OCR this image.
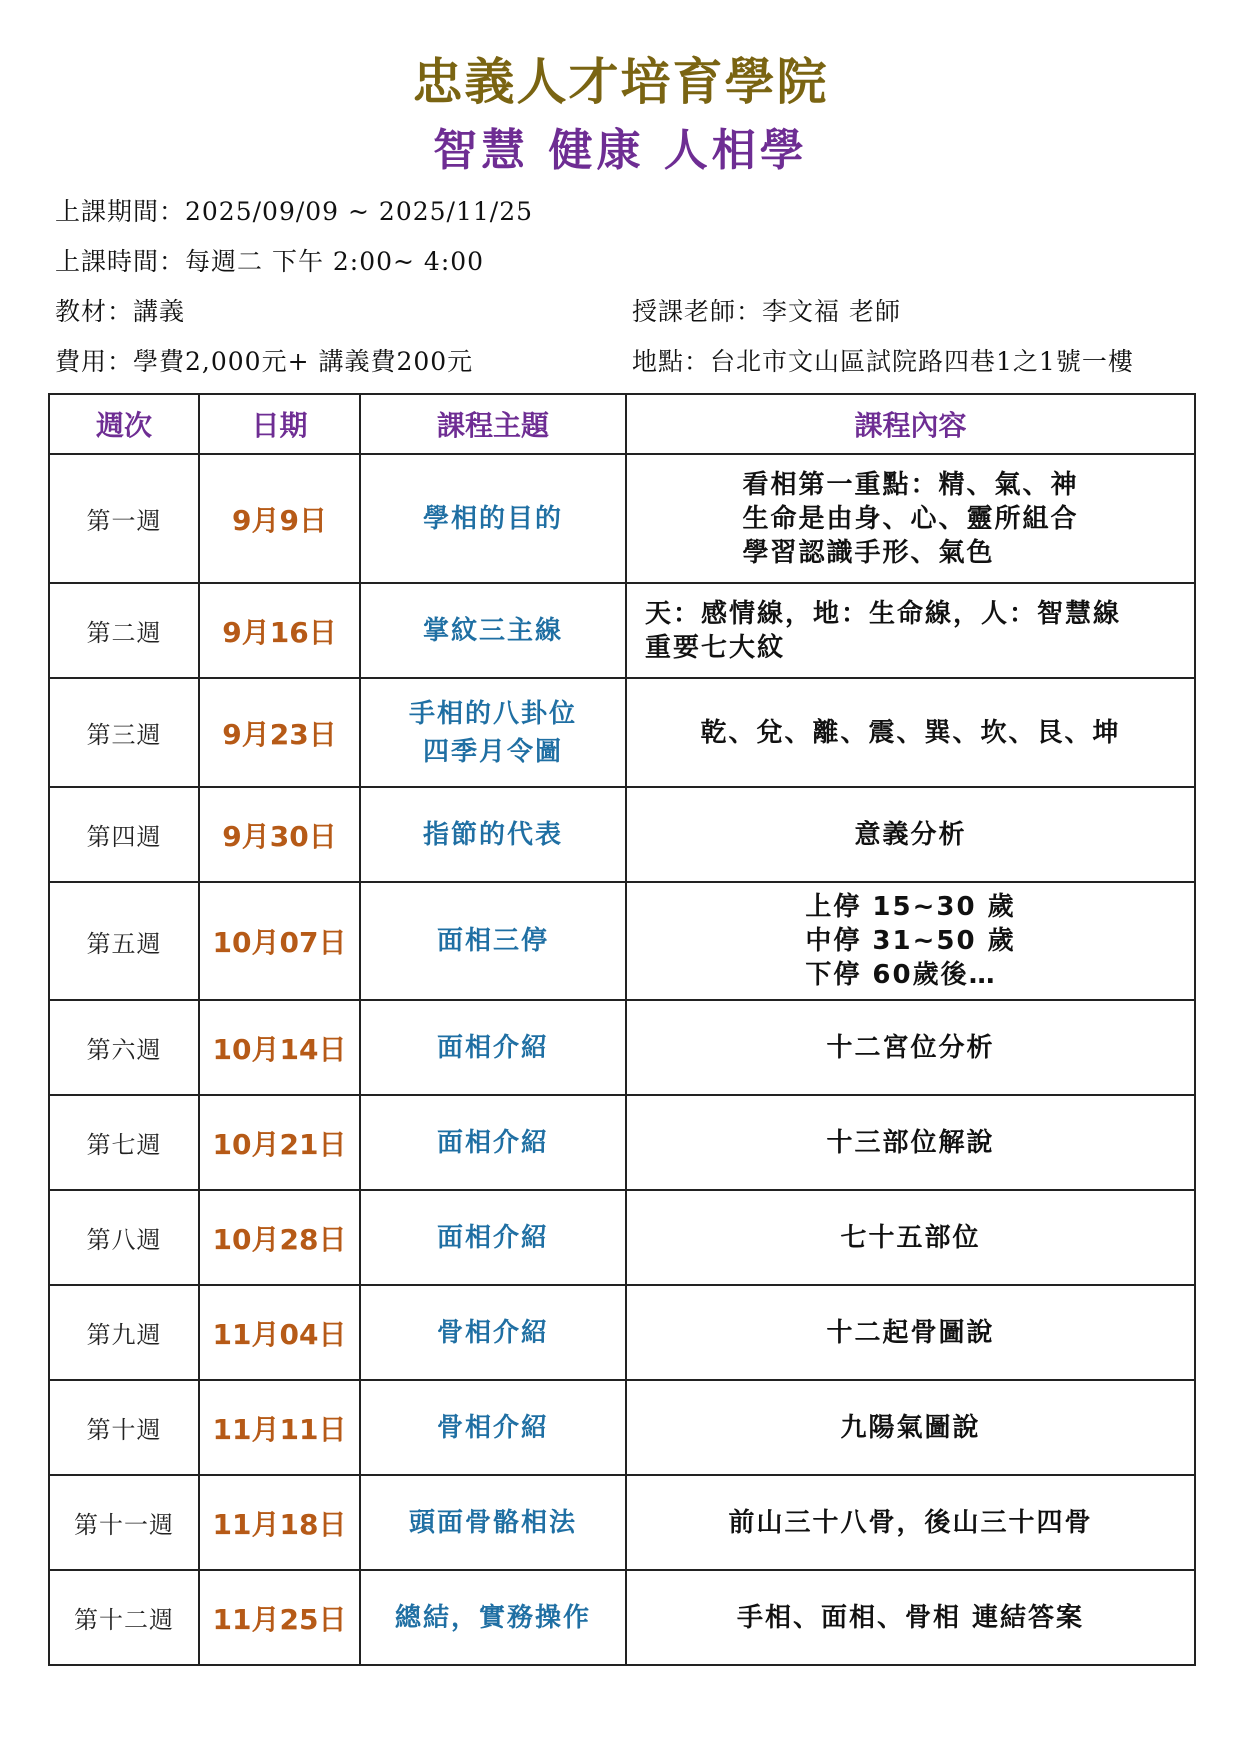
忠義人才培育學院
智慧 健康 人相學
上課期間：2025/09/09 ~ 2025/11/25
上課時間：每週二 下午 2:00~ 4:00
教材：講義	授課老師：李文福 老師
費用：學費2,000元+ 講義費200元	地點：台北市文山區試院路四巷1之1號一樓
週次	日期	課程主題	課程內容
第一週	9月9日	學相的目的	看相第一重點：精、氣、神
生命是由身、心、靈所組合
學習認識手形、氣色

第二週	9月16日	掌紋三主線	天：感情線，地：生命線，人：智慧線
重要七大紋

第三週	9月23日	手相的八卦位
四季月令圖	乾、兌、離、震、巽、坎、艮、坤

第四週	9月30日	指節的代表	意義分析

第五週	10月07日	面相三停	上停 15~30 歲
中停 31~50 歲
下停 60歲後…

第六週	10月14日	面相介紹	十二宮位分析

第七週	10月21日	面相介紹	十三部位解說

第八週	10月28日	面相介紹	七十五部位

第九週	11月04日	骨相介紹	十二起骨圖說

第十週	11月11日	骨相介紹	九陽氣圖說

第十一週	11月18日	頭面骨骼相法	前山三十八骨，後山三十四骨

第十二週	11月25日	總結，實務操作	手相、面相、骨相 連結答案
